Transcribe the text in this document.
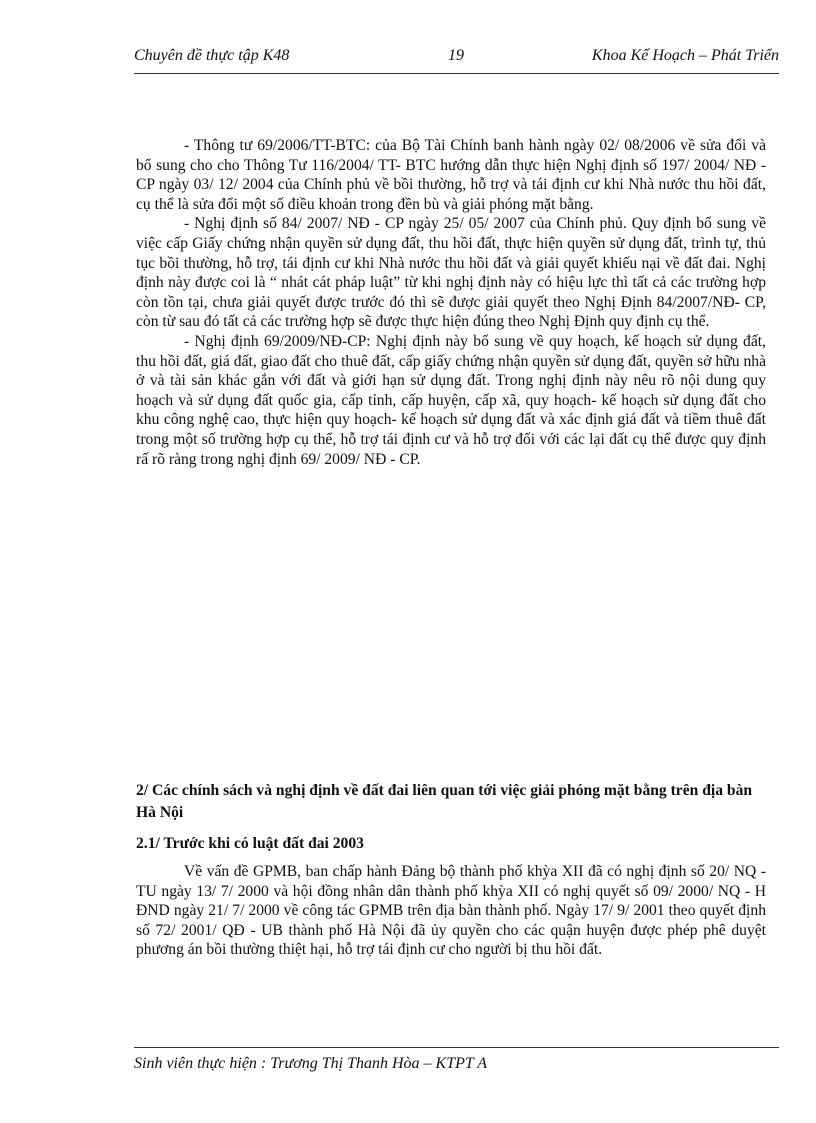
Chuyên đề thực tập K48	19	Khoa Kế Hoạch – Phát Triển

- Thông tư 69/2006/TT-BTC: của Bộ Tài Chính banh hành ngày 02/ 08/2006 về sửa đổi và bổ sung cho cho Thông Tư 116/2004/ TT- BTC hướng dẫn thực hiện Nghị định số 197/ 2004/ NĐ - CP ngày 03/ 12/ 2004 của Chính phủ về bồi thường, hỗ trợ và tái định cư khi Nhà nước thu hồi đất, cụ thể là sửa đổi một số điều khoản trong đền bù và giải phóng mặt bằng.

- Nghị định số 84/ 2007/ NĐ - CP ngày 25/ 05/ 2007 của Chính phủ. Quy định bổ sung về việc cấp Giấy chứng nhận quyền sử dụng đất, thu hồi đất, thực hiện quyền sử dụng đất, trình tự, thủ tục bồi thường, hỗ trợ, tái định cư khi Nhà nước thu hồi đất và giải quyết khiếu nại về đất đai. Nghị định này được coi là “ nhát cát pháp luật” từ khi nghị định này có hiệu lực thì tất cả các trường hợp còn tồn tại, chưa giải quyết được trước đó thì sẽ được giải quyết theo Nghị Định 84/2007/NĐ- CP, còn từ sau đó tất cả các trường hợp sẽ được thực hiện đúng theo Nghị Định quy định cụ thể.

- Nghị định 69/2009/NĐ-CP: Nghị định này bổ sung về quy hoạch, kế hoạch sử dụng đất, thu hồi đất, giá đất, giao đất cho thuê đất, cấp giấy chứng nhận quyền sử dụng đất, quyền sở hữu nhà ở và tài sản khác gắn với đất và giới hạn sử dụng đất. Trong nghị định này nêu rõ nội dung quy hoạch và sử dụng đất quốc gia, cấp tỉnh, cấp huyện, cấp xã, quy hoạch- kế hoạch sử dụng đất cho khu công nghệ cao, thực hiện quy hoạch- kế hoạch sử dụng đất và xác định giá đất và tiềm thuê đất trong một số trường hợp cụ thể, hỗ trợ tái định cư và hỗ trợ đối với các lại đất cụ thể được quy định rấ rõ ràng trong nghị định 69/ 2009/ NĐ - CP.

2/ Các chính sách và nghị định về đất đai liên quan tới việc giải phóng mặt bằng trên địa bàn Hà Nội
2.1/ Trước khi có luật đất đai 2003

Về vấn đề GPMB, ban chấp hành Đảng bộ thành phố khỳa XII đã có nghị định số 20/ NQ - TU ngày 13/ 7/ 2000 và hội đồng nhân dân thành phố khỳa XII có nghị quyết số 09/ 2000/ NQ - H ĐND ngày 21/ 7/ 2000 về công tác GPMB trên địa bàn thành phố. Ngày 17/ 9/ 2001 theo quyết định số 72/ 2001/ QĐ - UB thành phố Hà Nội đã ủy quyền cho các quận huyện được phép phê duyệt phương án bồi thường thiệt hại, hỗ trợ tái định cư cho người bị thu hồi đất.

Sinh viên thực hiện : Trương Thị Thanh Hòa – KTPT A
